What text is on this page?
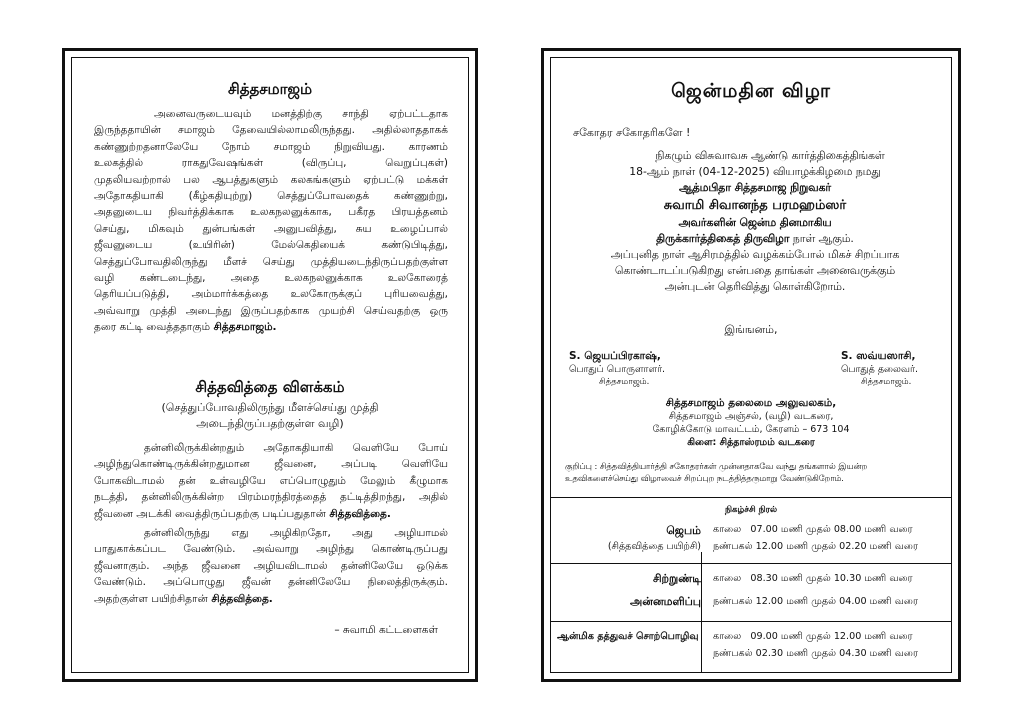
சித்தசமாஜம்
அனைவருடையவும் மனத்திற்கு சாந்தி ஏற்பட்டதாக
இருந்ததாயின் சமாஜம் தேவையில்லாமலிருந்தது. அதில்லாததாகக்
கண்ணுற்றதனாலேயே நோம் சமாஜம் நிறுவியது. காரணம்
உலகத்தில் ராகதுவேஷங்கள் (விருப்பு, வெறுப்புகள்)
முதலியவற்றால் பல ஆபத்துகளும் கலகங்களும் ஏற்பட்டு மக்கள்
அதோகதியாகி (கீழ்கதியுற்று) செத்துப்போவதைக் கண்ணுற்று,
அதனுடைய நிவர்த்திக்காக உலகநலனுக்காக, பகீரத பிரயத்தனம்
செய்து, மிகவும் துன்பங்கள் அனுபவித்து, சுய உழைப்பால்
ஜீவனுடைய (உயிரின்) மேல்கெதியைக் கண்டுபிடித்து,
செத்துப்போவதிலிருந்து மீளச் செய்து முத்தியடைந்திருப்பதற்குள்ள
வழி கண்டடைந்து, அதை உலகநலனுக்காக உலகோரைத்
தெரியப்படுத்தி, அம்மார்க்கத்தை உலகோருக்குப் புரியவைத்து,
அவ்வாறு முத்தி அடைந்து இருப்பதற்காக முயற்சி செய்வதற்கு ஒரு
தரை கட்டி வைத்ததாகும் சித்தசமாஜம்.
சித்தவித்தை விளக்கம்
(செத்துப்போவதிலிருந்து மீளச்செய்து முத்தி
அடைந்திருப்பதற்குள்ள வழி)
தன்னிலிருக்கின்றதும் அதோகதியாகி வெளியே போய்
அழிந்துகொண்டிருக்கின்றதுமான ஜீவனை, அப்படி வெளியே
போகவிடாமல் தன் உள்வழியே எப்பொழுதும் மேலும் கீழுமாக
நடத்தி, தன்னிலிருக்கின்ற பிரம்மரந்திரத்தைத் தட்டித்திறந்து, அதில்
ஜீவனை அடக்கி வைத்திருப்பதற்கு படிப்பதுதான் சித்தவித்தை.
தன்னிலிருந்து எது அழிகிறதோ, அது அழியாமல்
பாதுகாக்கப்பட வேண்டும். அவ்வாறு அழிந்து கொண்டிருப்பது
ஜீவனாகும். அந்த ஜீவனை அழியவிடாமல் தன்னிலேயே ஒடுக்க
வேண்டும். அப்பொழுது ஜீவன் தன்னிலேயே நிலைத்திருக்கும்.
அதற்குள்ள பயிற்சிதான் சித்தவித்தை.
– சுவாமி கட்டளைகள்
ஜென்மதின விழா
சகோதர சகோதரிகளே !
நிகழும் விசுவாவசு ஆண்டு கார்த்திகைத்திங்கள்
18-ஆம் நாள் (04-12-2025) வியாழக்கிழமை நமது
ஆத்மபிதா சித்தசமாஜ நிறுவகர்
சுவாமி சிவானந்த பரமஹம்ஸர்
அவர்களின் ஜென்ம தினமாகிய
திருக்கார்த்திகைத் திருவிழா நாள் ஆகும்.
அப்புனித நாள் ஆசிரமத்தில் வழக்கம்போல் மிகச் சிறப்பாக
கொண்டாடப்படுகிறது என்பதை தாங்கள் அனைவருக்கும்
அன்புடன் தெரிவித்து கொள்கிறோம்.
இங்ஙனம்,
S. ஜெயப்பிரகாஷ்,
பொதுப் பொருளாளர்.
சித்தசமாஜம்.
S. ஸவ்யஸாசி,
பொதுத் தலைவர்.
சித்தசமாஜம்.
சித்தசமாஜம் தலைமை அலுவலகம்,
சித்தசமாஜம் அஞ்சல், (வழி) வடகரை,
கோழிக்கோடு மாவட்டம், கேரளம் – 673 104
கிளை: சித்தாஸ்ரமம் வடகரை
குறிப்பு : சித்தவித்தியார்த்தி சகோதரர்கள் முன்னதாகவே வந்து தங்களால் இயன்ற
உதவிகளைச்செய்து விழாவைச் சிறப்புற நடத்தித்தருமாறு வேண்டுகிறோம்.
நிகழ்ச்சி நிரல்
ஜெபம்
(சித்தவித்தை பயிற்சி)
காலை 07.00 மணி முதல் 08.00 மணி வரை
நண்பகல் 12.00 மணி முதல் 02.20 மணி வரை
சிற்றுண்டி காலை 08.30 மணி முதல் 10.30 மணி வரை
அன்னமளிப்பு நண்பகல் 12.00 மணி முதல் 04.00 மணி வரை
ஆன்மிக தத்துவச் சொற்பொழிவு காலை 09.00 மணி முதல் 12.00 மணி வரை
நண்பகல் 02.30 மணி முதல் 04.30 மணி வரை
